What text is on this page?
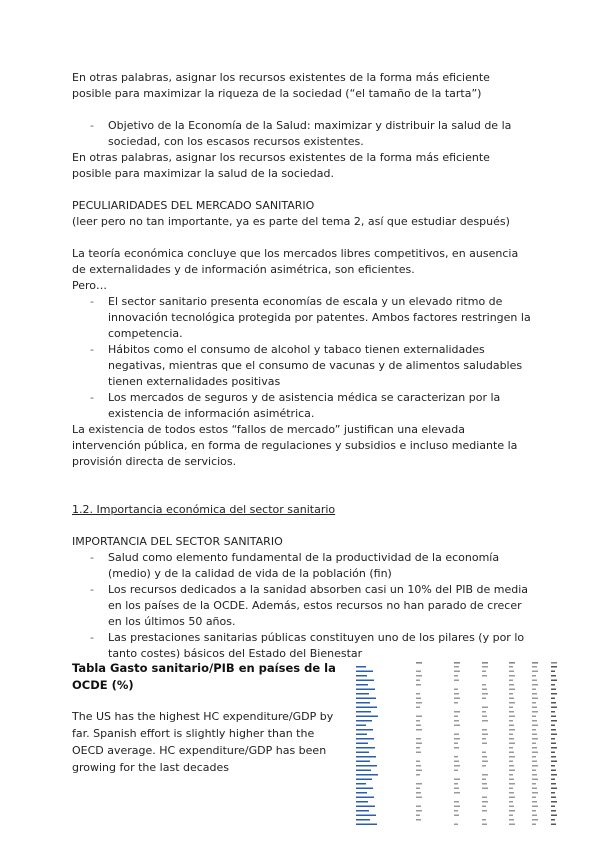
En otras palabras, asignar los recursos existentes de la forma más eficiente posible para maximizar la riqueza de la sociedad (“el tamaño de la tarta”)

- Objetivo de la Economía de la Salud: maximizar y distribuir la salud de la sociedad, con los escasos recursos existentes.

En otras palabras, asignar los recursos existentes de la forma más eficiente posible para maximizar la salud de la sociedad.

PECULIARIDADES DEL MERCADO SANITARIO

(leer pero no tan importante, ya es parte del tema 2, así que estudiar después)

La teoría económica concluye que los mercados libres competitivos, en ausencia de externalidades y de información asimétrica, son eficientes.

Pero…

- El sector sanitario presenta economías de escala y un elevado ritmo de innovación tecnológica protegida por patentes. Ambos factores restringen la competencia.
- Hábitos como el consumo de alcohol y tabaco tienen externalidades negativas, mientras que el consumo de vacunas y de alimentos saludables tienen externalidades positivas
- Los mercados de seguros y de asistencia médica se caracterizan por la existencia de información asimétrica.

La existencia de todos estos “fallos de mercado” justifican una elevada intervención pública, en forma de regulaciones y subsidios e incluso mediante la provisión directa de servicios.

1.2. Importancia económica del sector sanitario

IMPORTANCIA DEL SECTOR SANITARIO

- Salud como elemento fundamental de la productividad de la economía (medio) y de la calidad de vida de la población (fin)
- Los recursos dedicados a la sanidad absorben casi un 10% del PIB de media en los países de la OCDE. Además, estos recursos no han parado de crecer en los últimos 50 años.
- Las prestaciones sanitarias públicas constituyen uno de los pilares (y por lo tanto costes) básicos del Estado del Bienestar
Tabla Gasto sanitario/PIB en países de la OCDE (%)
The US has the highest HC expenditure/GDP by far. Spanish effort is slightly higher than the OECD average. HC expenditure/GDP has been growing for the last decades
